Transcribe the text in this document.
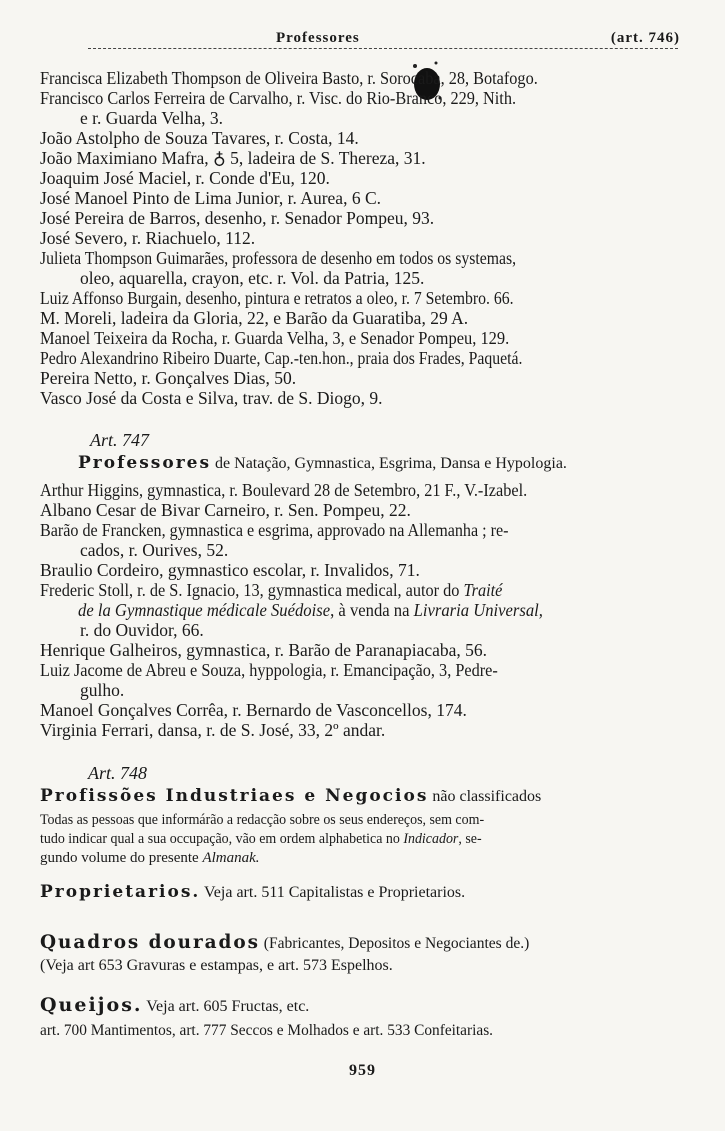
Professores	(art. 746)
Francisca Elizabeth Thompson de Oliveira Basto, r. Sorocaba, 28, Botafogo.
Francisco Carlos Ferreira de Carvalho, r. Visc. do Rio-Branco, 229, Nith.
e r. Guarda Velha, 3.
João Astolpho de Souza Tavares, r. Costa, 14.
João Maximiano Mafra, ♁ 5, ladeira de S. Thereza, 31.
Joaquim José Maciel, r. Conde d'Eu, 120.
José Manoel Pinto de Lima Junior, r. Aurea, 6 C.
José Pereira de Barros, desenho, r. Senador Pompeu, 93.
José Severo, r. Riachuelo, 112.
Julieta Thompson Guimarães, professora de desenho em todos os systemas,
oleo, aquarella, crayon, etc. r. Vol. da Patria, 125.
Luiz Affonso Burgain, desenho, pintura e retratos a oleo, r. 7 Setembro. 66.
M. Moreli, ladeira da Gloria, 22, e Barão da Guaratiba, 29 A.
Manoel Teixeira da Rocha, r. Guarda Velha, 3, e Senador Pompeu, 129.
Pedro Alexandrino Ribeiro Duarte, Cap.-ten.hon., praia dos Frades, Paquetá.
Pereira Netto, r. Gonçalves Dias, 50.
Vasco José da Costa e Silva, trav. de S. Diogo, 9.
Art. 747
Professores de Natação, Gymnastica, Esgrima, Dansa e Hypologia.
Arthur Higgins, gymnastica, r. Boulevard 28 de Setembro, 21 F., V.-Izabel.
Albano Cesar de Bivar Carneiro, r. Sen. Pompeu, 22.
Barão de Francken, gymnastica e esgrima, approvado na Allemanha ; re-
cados, r. Ourives, 52.
Braulio Cordeiro, gymnastico escolar, r. Invalidos, 71.
Frederic Stoll, r. de S. Ignacio, 13, gymnastica medical, autor do Traité
de la Gymnastique médicale Suédoise, à venda na Livraria Universal,
r. do Ouvidor, 66.
Henrique Galheiros, gymnastica, r. Barão de Paranapiacaba, 56.
Luiz Jacome de Abreu e Souza, hyppologia, r. Emancipação, 3, Pedre-
gulho.
Manoel Gonçalves Corrêa, r. Bernardo de Vasconcellos, 174.
Virginia Ferrari, dansa, r. de S. José, 33, 2º andar.
Art. 748
Profissões Industriaes e Negocios não classificados
Todas as pessoas que informárão a redacção sobre os seus endereços, sem com-
tudo indicar qual a sua occupação, vão em ordem alphabetica no Indicador, se-
gundo volume do presente Almanak.
Proprietarios. Veja art. 511 Capitalistas e Proprietarios.
Quadros dourados (Fabricantes, Depositos e Negociantes de.)
(Veja art 653 Gravuras e estampas, e art. 573 Espelhos.
Queijos. Veja art. 605 Fructas, etc.
art. 700 Mantimentos, art. 777 Seccos e Molhados e art. 533 Confeitarias.
959
